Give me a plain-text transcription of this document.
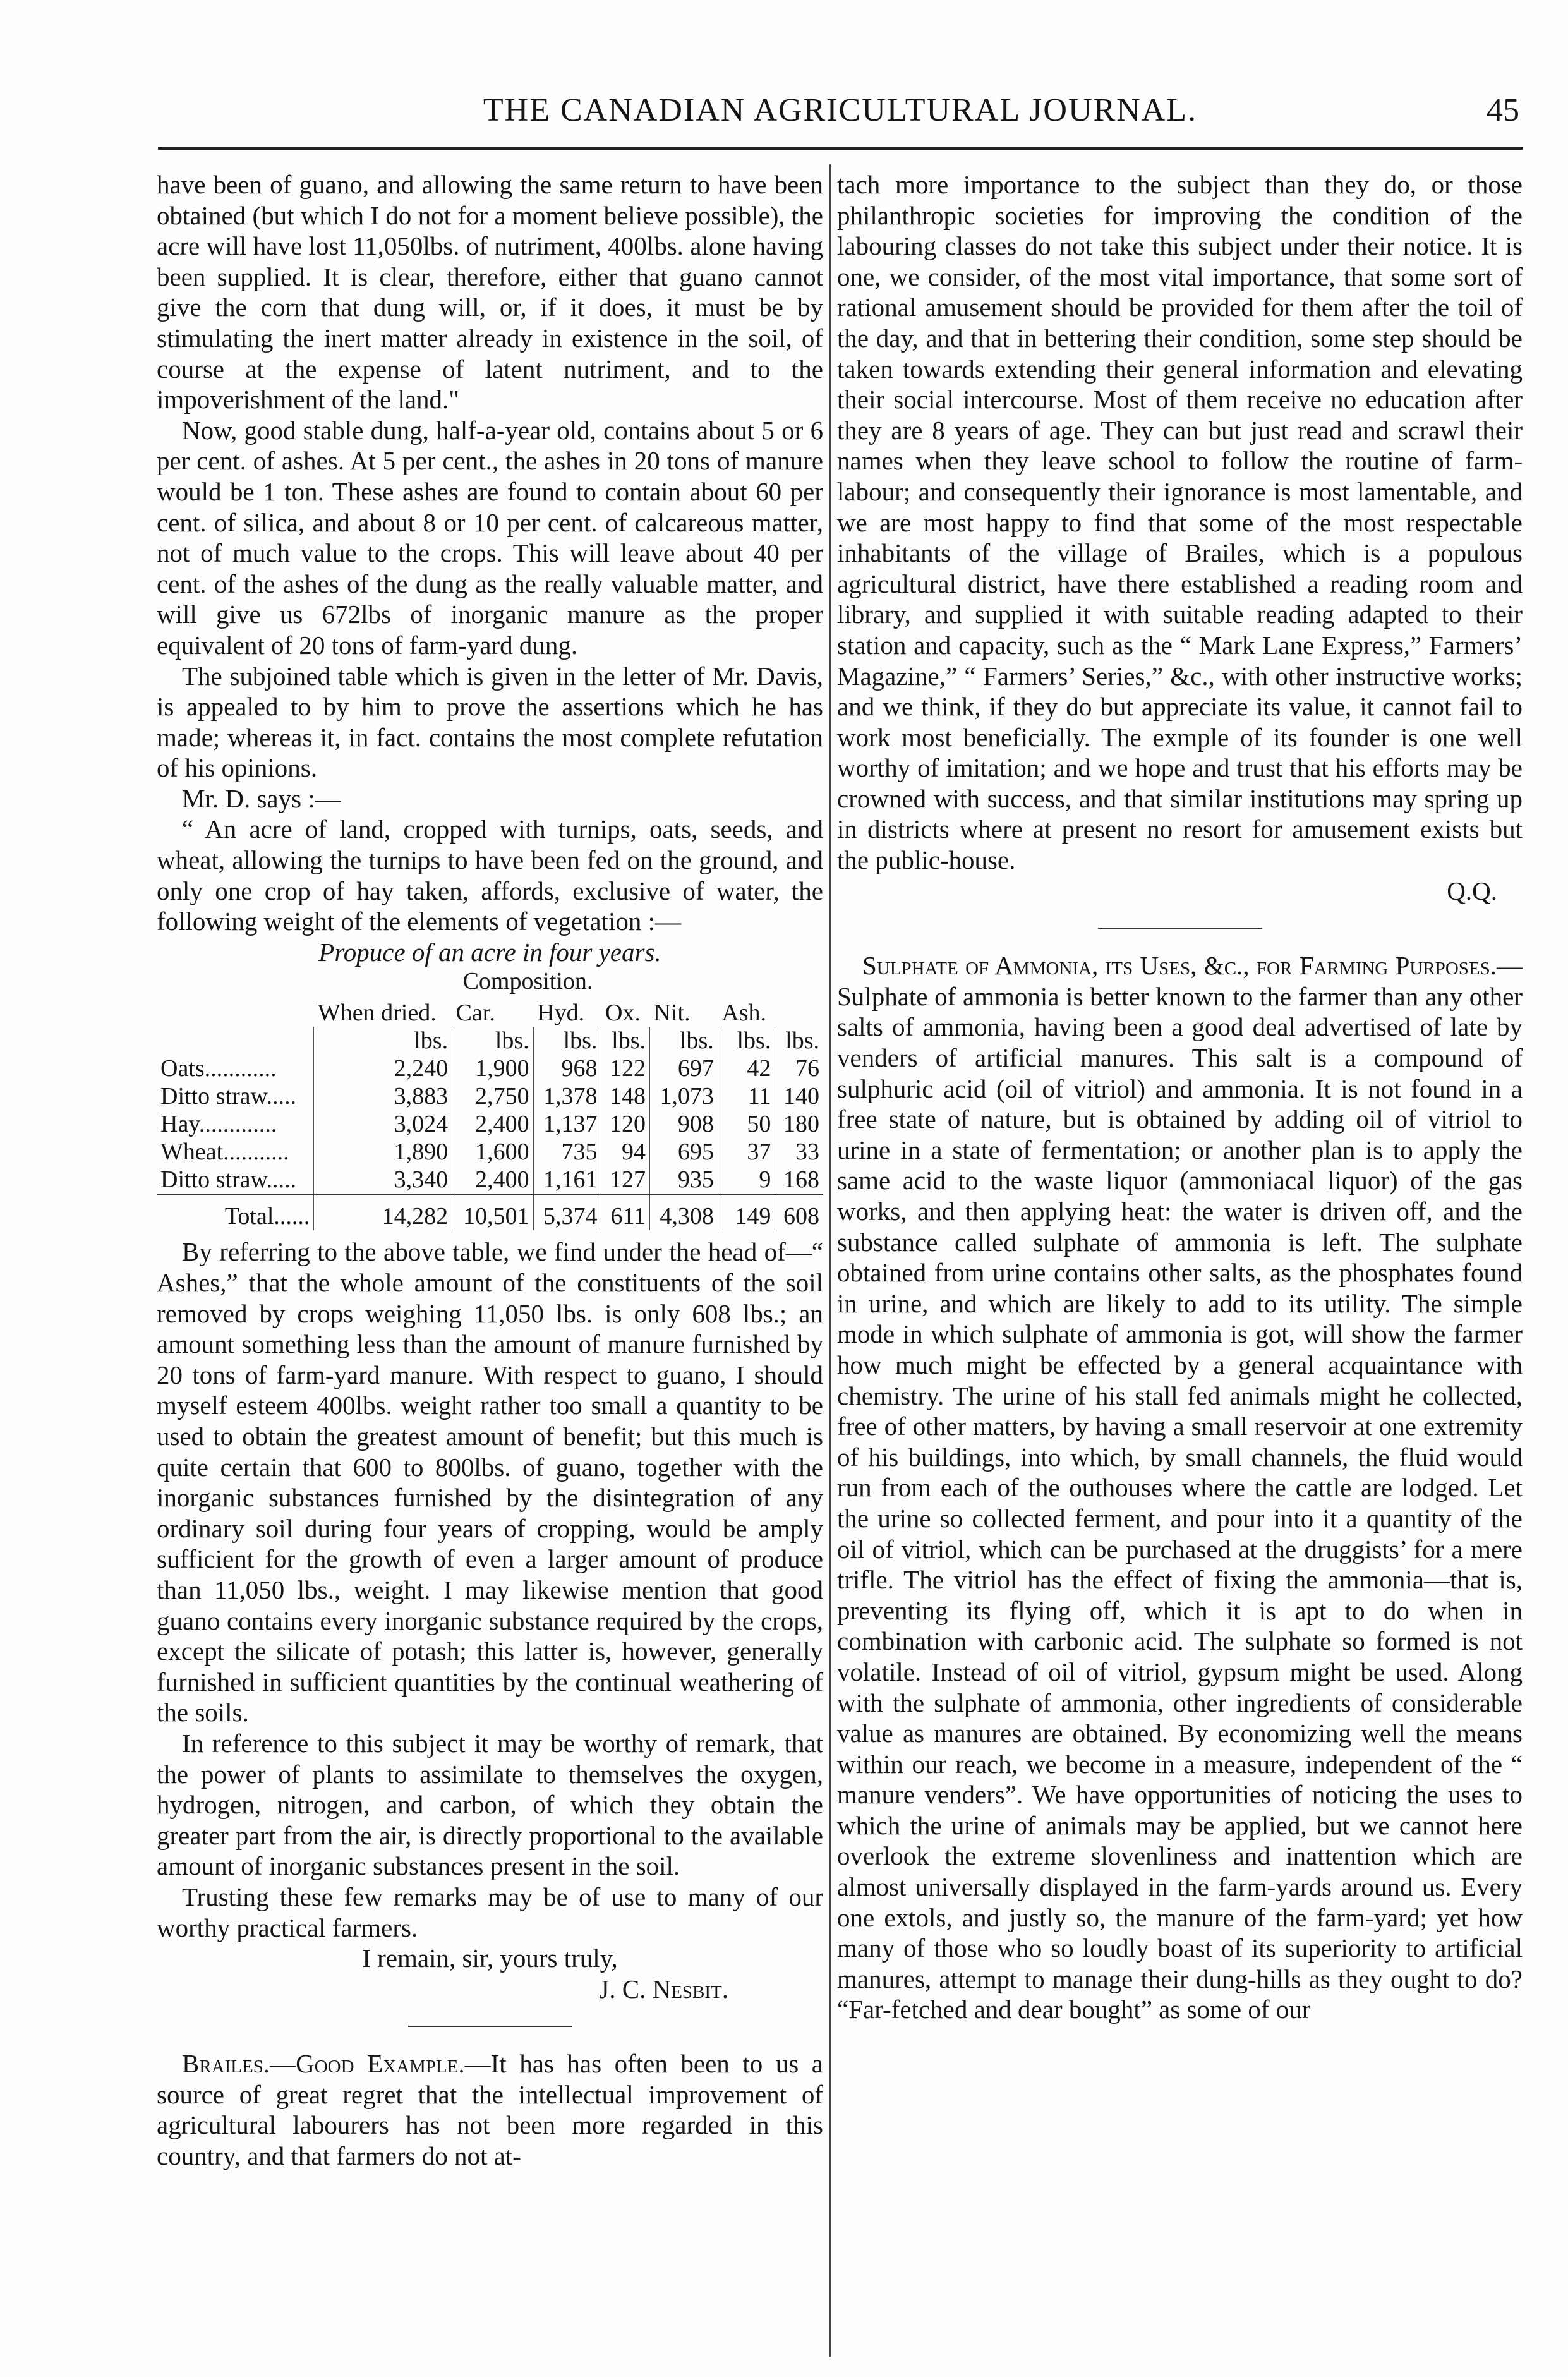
THE CANADIAN AGRICULTURAL JOURNAL.	45

have been of guano, and allowing the same return to have been obtained (but which I do not for a moment believe possible), the acre will have lost 11,050lbs. of nutriment, 400lbs. alone having been supplied. It is clear, therefore, either that guano cannot give the corn that dung will, or, if it does, it must be by stimulating the inert matter already in existence in the soil, of course at the expense of latent nutriment, and to the impoverishment of the land."

Now, good stable dung, half-a-year old, contains about 5 or 6 per cent. of ashes. At 5 per cent., the ashes in 20 tons of manure would be 1 ton. These ashes are found to contain about 60 per cent. of silica, and about 8 or 10 per cent. of calcareous matter, not of much value to the crops. This will leave about 40 per cent. of the ashes of the dung as the really valuable matter, and will give us 672lbs of inorganic manure as the proper equivalent of 20 tons of farm-yard dung.

The subjoined table which is given in the letter of Mr. Davis, is appealed to by him to prove the assertions which he has made; whereas it, in fact. contains the most complete refutation of his opinions.

Mr. D. says :—

“ An acre of land, cropped with turnips, oats, seeds, and wheat, allowing the turnips to have been fed on the ground, and only one crop of hay taken, affords, exclusive of water, the following weight of the elements of vegetation :—

Propuce of an acre in four years.

Composition.
	When dried.	Car.	Hyd.	Ox.	Nit.	Ash.	
	lbs.	lbs.	lbs.	lbs.	lbs.	lbs.	lbs.
Oats............	2,240	1,900	968	122	697	42	76
Ditto straw.....	3,883	2,750	1,378	148	1,073	11	140
Hay.............	3,024	2,400	1,137	120	908	50	180
Wheat...........	1,890	1,600	735	94	695	37	33
Ditto straw.....	3,340	2,400	1,161	127	935	9	168
Total......	14,282	10,501	5,374	611	4,308	149	608

By referring to the above table, we find under the head of—“ Ashes,” that the whole amount of the constituents of the soil removed by crops weighing 11,050 lbs. is only 608 lbs.; an amount something less than the amount of manure furnished by 20 tons of farm-yard manure. With respect to guano, I should myself esteem 400lbs. weight rather too small a quantity to be used to obtain the greatest amount of benefit; but this much is quite certain that 600 to 800lbs. of guano, together with the inorganic substances furnished by the disintegration of any ordinary soil during four years of cropping, would be amply sufficient for the growth of even a larger amount of produce than 11,050 lbs., weight. I may likewise mention that good guano contains every inorganic substance required by the crops, except the silicate of potash; this latter is, however, generally furnished in sufficient quantities by the continual weathering of the soils.

In reference to this subject it may be worthy of remark, that the power of plants to assimilate to themselves the oxygen, hydrogen, nitrogen, and carbon, of which they obtain the greater part from the air, is directly proportional to the available amount of inorganic substances present in the soil.

Trusting these few remarks may be of use to many of our worthy practical farmers.

I remain, sir, yours truly,

J. C. Nesbit.

Brailes.—Good Example.—It has has often been to us a source of great regret that the intellectual improvement of agricultural labourers has not been more regarded in this country, and that farmers do not at-

tach more importance to the subject than they do, or those philanthropic societies for improving the condition of the labouring classes do not take this subject under their notice. It is one, we consider, of the most vital importance, that some sort of rational amusement should be provided for them after the toil of the day, and that in bettering their condition, some step should be taken towards extending their general information and elevating their social intercourse. Most of them receive no education after they are 8 years of age. They can but just read and scrawl their names when they leave school to follow the routine of farm-labour; and consequently their ignorance is most lamentable, and we are most happy to find that some of the most respectable inhabitants of the village of Brailes, which is a populous agricultural district, have there established a reading room and library, and supplied it with suitable reading adapted to their station and capacity, such as the “ Mark Lane Express,” Farmers’ Magazine,” “ Farmers’ Series,” &c., with other instructive works; and we think, if they do but appreciate its value, it cannot fail to work most beneficially. The exmple of its founder is one well worthy of imitation; and we hope and trust that his efforts may be crowned with success, and that similar institutions may spring up in districts where at present no resort for amusement exists but the public-house.

Q.Q.

Sulphate of Ammonia, its Uses, &c., for Farming Purposes.—Sulphate of ammonia is better known to the farmer than any other salts of ammonia, having been a good deal advertised of late by venders of artificial manures. This salt is a compound of sulphuric acid (oil of vitriol) and ammonia. It is not found in a free state of nature, but is obtained by adding oil of vitriol to urine in a state of fermentation; or another plan is to apply the same acid to the waste liquor (ammoniacal liquor) of the gas works, and then applying heat: the water is driven off, and the substance called sulphate of ammonia is left. The sulphate obtained from urine contains other salts, as the phosphates found in urine, and which are likely to add to its utility. The simple mode in which sulphate of ammonia is got, will show the farmer how much might be effected by a general acquaintance with chemistry. The urine of his stall fed animals might he collected, free of other matters, by having a small reservoir at one extremity of his buildings, into which, by small channels, the fluid would run from each of the outhouses where the cattle are lodged. Let the urine so collected ferment, and pour into it a quantity of the oil of vitriol, which can be purchased at the druggists’ for a mere trifle. The vitriol has the effect of fixing the ammonia—that is, preventing its flying off, which it is apt to do when in combination with carbonic acid. The sulphate so formed is not volatile. Instead of oil of vitriol, gypsum might be used. Along with the sulphate of ammonia, other ingredients of considerable value as manures are obtained. By economizing well the means within our reach, we become in a measure, independent of the “ manure venders”. We have opportunities of noticing the uses to which the urine of animals may be applied, but we cannot here overlook the extreme slovenliness and inattention which are almost universally displayed in the farm-yards around us. Every one extols, and justly so, the manure of the farm-yard; yet how many of those who so loudly boast of its superiority to artificial manures, attempt to manage their dung-hills as they ought to do? “Far-fetched and dear bought” as some of our
